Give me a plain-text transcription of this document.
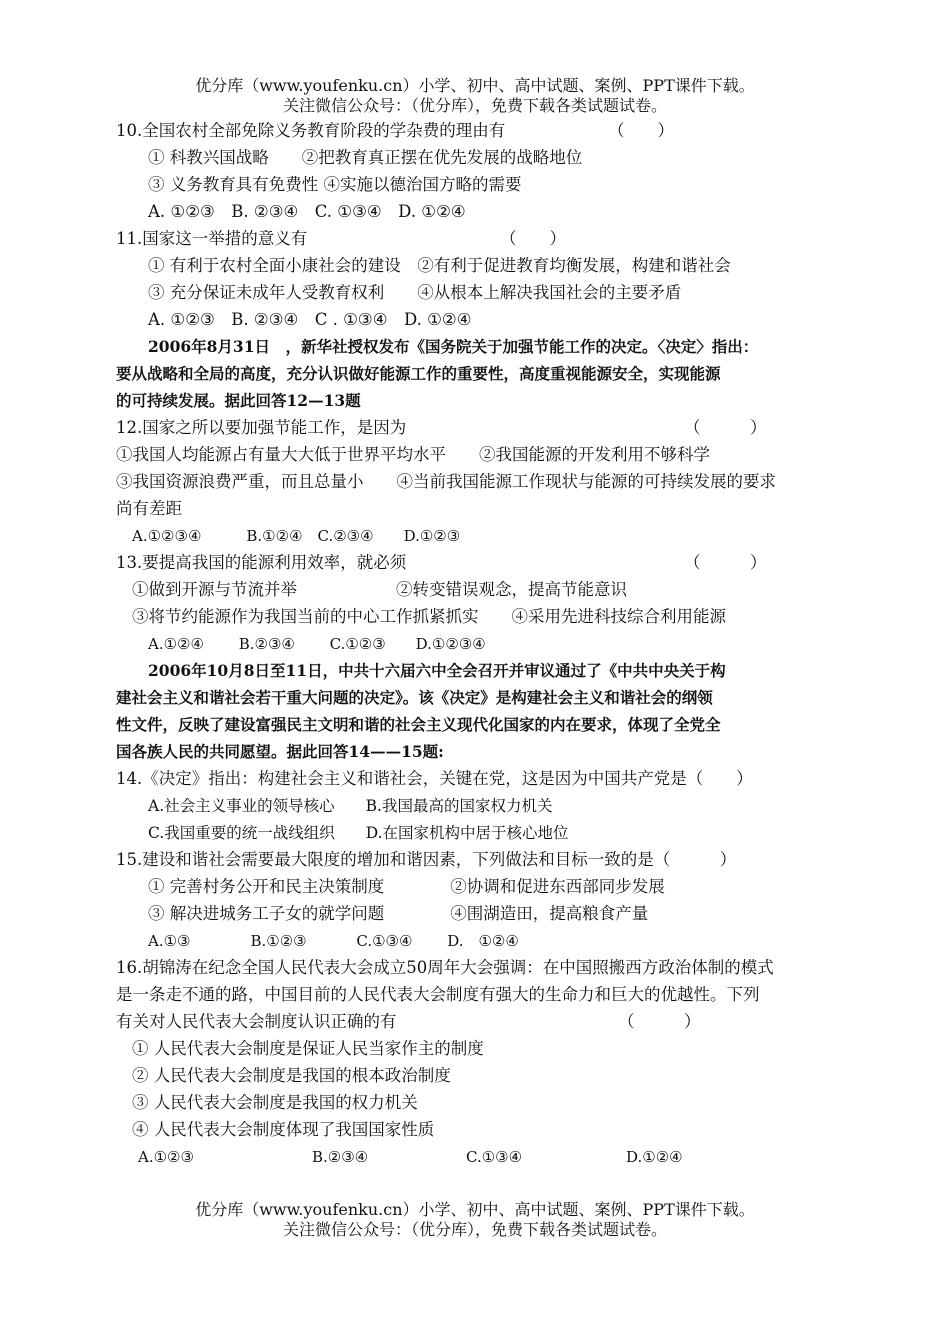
优分库（www.youfenku.cn）小学、初中、高中试题、案例、PPT课件下载。
关注微信公众号：（优分库），免费下载各类试题试卷。
10.全国农村全部免除义务教育阶段的学杂费的理由有	（　　）
① 科教兴国战略　　②把教育真正摆在优先发展的战略地位
③ 义务教育具有免费性 ④实施以德治国方略的需要
A. ①②③　B. ②③④　C. ①③④　D. ①②④
11.国家这一举措的意义有	（　　）
① 有利于农村全面小康社会的建设　②有利于促进教育均衡发展，构建和谐社会
③ 充分保证未成年人受教育权利　　④从根本上解决我国社会的主要矛盾
A. ①②③　B. ②③④　C . ①③④　D. ①②④
2006年8月31日　，新华社授权发布《国务院关于加强节能工作的决定。〈决定〉指出：
要从战略和全局的高度，充分认识做好能源工作的重要性，高度重视能源安全，实现能源
的可持续发展。据此回答12—13题
12.国家之所以要加强节能工作，是因为	（　　　）
①我国人均能源占有量大大低于世界平均水平　　②我国能源的开发利用不够科学
③我国资源浪费严重，而且总量小　　④当前我国能源工作现状与能源的可持续发展的要求
尚有差距
A.①②③④　　　B.①②④　C.②③④　　D.①②③
13.要提高我国的能源利用效率，就必须	（　　　）
①做到开源与节流并举　　　　　　②转变错误观念，提高节能意识
③将节约能源作为我国当前的中心工作抓紧抓实　　④采用先进科技综合利用能源
A.①②④　　 B.②③④　　 C.①②③　　D.①②③④
2006年10月8日至11日，中共十六届六中全会召开并审议通过了《中共中央关于构
建社会主义和谐社会若干重大问题的决定》。该《决定》是构建社会主义和谐社会的纲领
性文件，反映了建设富强民主文明和谐的社会主义现代化国家的内在要求，体现了全党全
国各族人民的共同愿望。据此回答14——15题:
14.《决定》指出：构建社会主义和谐社会，关键在党，这是因为中国共产党是（　　）
A.社会主义事业的领导核心　　B.我国最高的国家权力机关
C.我国重要的统一战线组织　　D.在国家机构中居于核心地位
15.建设和谐社会需要最大限度的增加和谐因素，下列做法和目标一致的是（　　　）
① 完善村务公开和民主决策制度　　　　②协调和促进东西部同步发展
③ 解决进城务工子女的就学问题　　　　④围湖造田，提高粮食产量
A.①③　　　　B.①②③　　　 C.①③④　　 D.　①②④
16.胡锦涛在纪念全国人民代表大会成立50周年大会强调：在中国照搬西方政治体制的模式
是一条走不通的路，中国目前的人民代表大会制度有强大的生命力和巨大的优越性。下列
有关对人民代表大会制度认识正确的有	（　　　）
① 人民代表大会制度是保证人民当家作主的制度
② 人民代表大会制度是我国的根本政治制度
③ 人民代表大会制度是我国的权力机关
④ 人民代表大会制度体现了我国国家性质
A.①②③	B.②③④	C.①③④	D.①②④
优分库（www.youfenku.cn）小学、初中、高中试题、案例、PPT课件下载。
关注微信公众号：（优分库），免费下载各类试题试卷。
